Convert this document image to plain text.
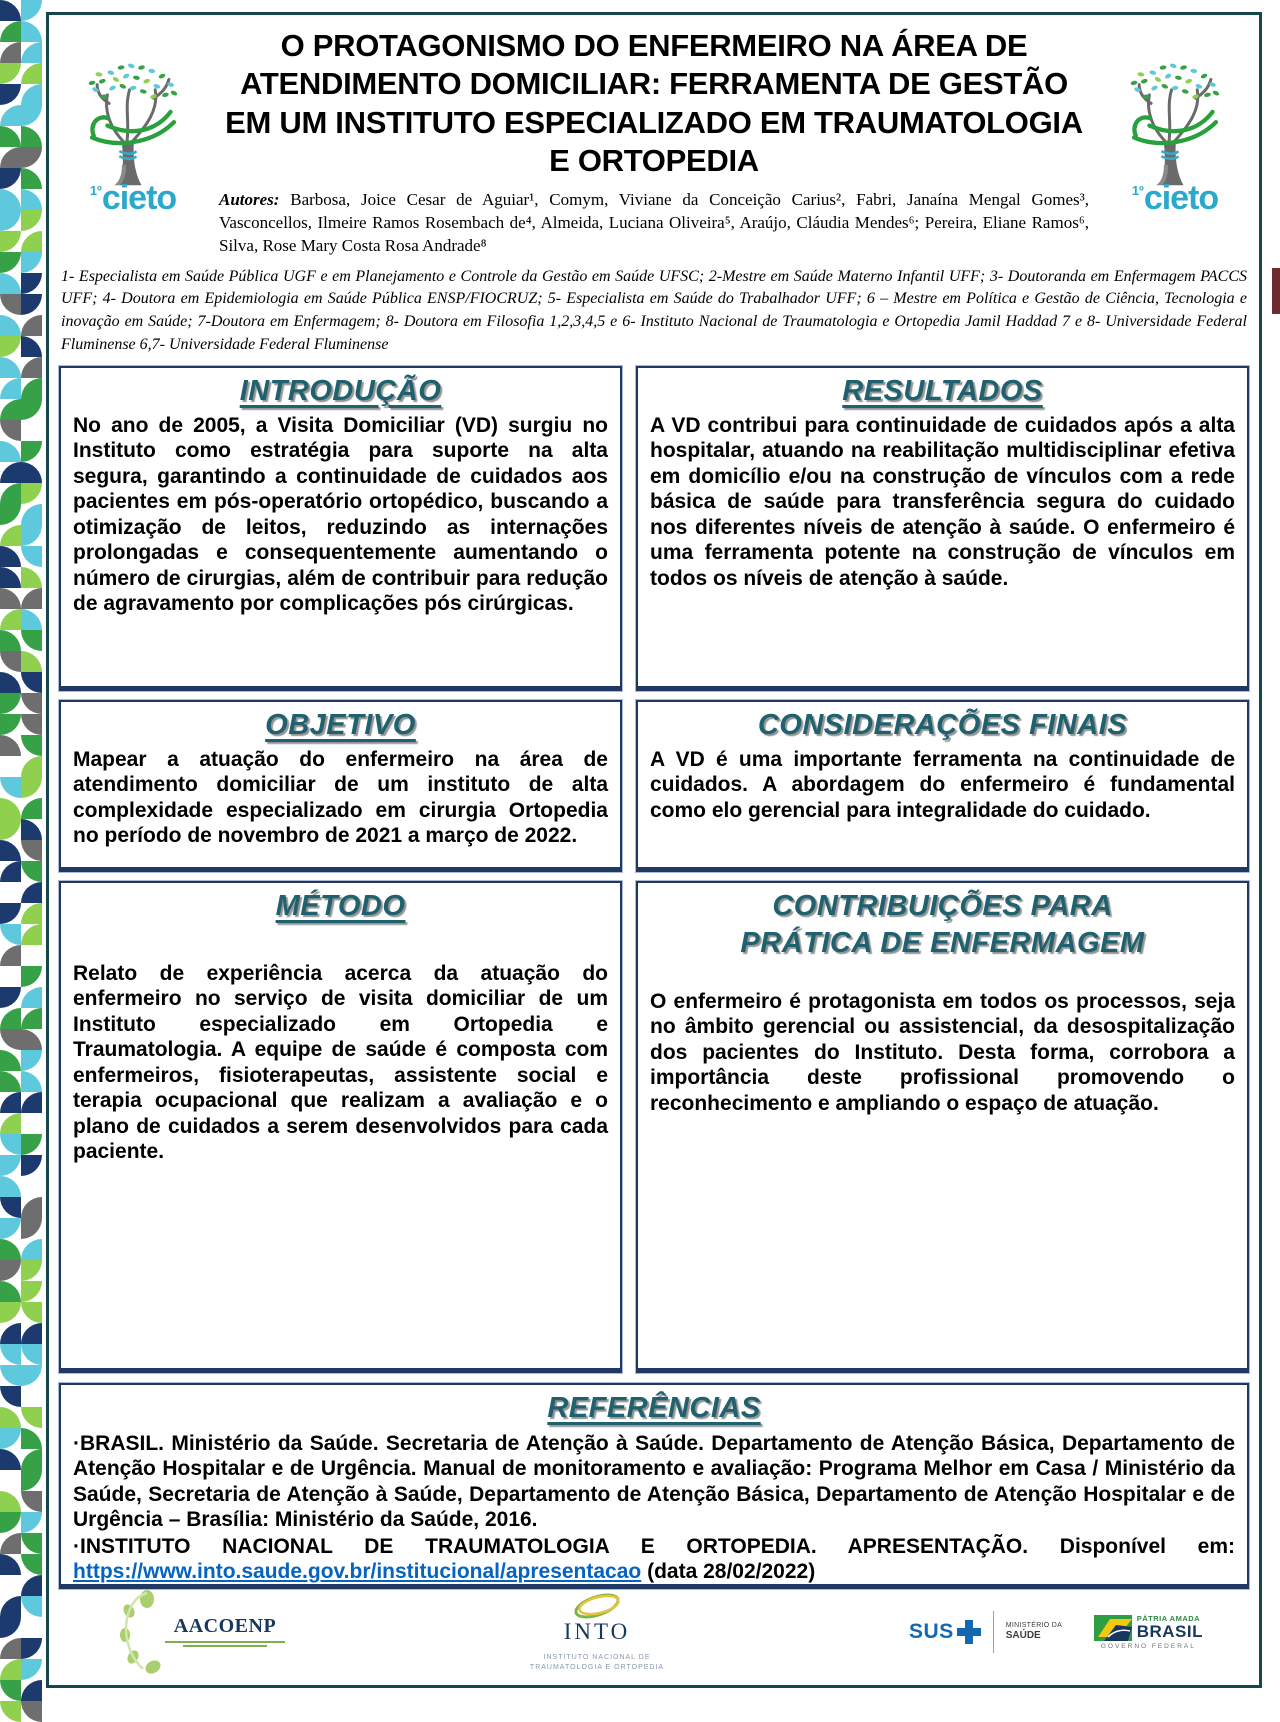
1º cieto
O PROTAGONISMO DO ENFERMEIRO NA ÁREA DE ATENDIMENTO DOMICILIAR: FERRAMENTA DE GESTÃO EM UM INSTITUTO ESPECIALIZADO EM TRAUMATOLOGIA E ORTOPEDIA

Autores: Barbosa, Joice Cesar de Aguiar¹, Comym, Viviane da Conceição Carius², Fabri, Janaína Mengal Gomes³, Vasconcellos, Ilmeire Ramos Rosembach de⁴, Almeida, Luciana Oliveira⁵, Araújo, Cláudia Mendes⁶; Pereira, Eliane Ramos⁶, Silva, Rose Mary Costa Rosa Andrade⁸

1º cieto
1- Especialista em Saúde Pública UGF e em Planejamento e Controle da Gestão em Saúde UFSC; 2-Mestre em Saúde Materno Infantil UFF; 3- Doutoranda em Enfermagem PACCS UFF; 4- Doutora em Epidemiologia em Saúde Pública ENSP/FIOCRUZ; 5- Especialista em Saúde do Trabalhador UFF; 6 – Mestre em Política e Gestão de Ciência, Tecnologia e inovação em Saúde; 7-Doutora em Enfermagem; 8- Doutora em Filosofia 1,2,3,4,5 e 6- Instituto Nacional de Traumatologia e Ortopedia Jamil Haddad 7 e 8- Universidade Federal Fluminense 6,7- Universidade Federal Fluminense
INTRODUÇÃO

No ano de 2005, a Visita Domiciliar (VD) surgiu no Instituto como estratégia para suporte na alta segura, garantindo a continuidade de cuidados aos pacientes em pós-operatório ortopédico, buscando a otimização de leitos, reduzindo as internações prolongadas e consequentemente aumentando o número de cirurgias, além de contribuir para redução de agravamento por complicações pós cirúrgicas.

RESULTADOS

A VD contribui para continuidade de cuidados após a alta hospitalar, atuando na reabilitação multidisciplinar efetiva em domicílio e/ou na construção de vínculos com a rede básica de saúde para transferência segura do cuidado nos diferentes níveis de atenção à saúde. O enfermeiro é uma ferramenta potente na construção de vínculos em todos os níveis de atenção à saúde.

OBJETIVO

Mapear a atuação do enfermeiro na área de atendimento domiciliar de um instituto de alta complexidade especializado em cirurgia Ortopedia no período de novembro de 2021 a março de 2022.

CONSIDERAÇÕES FINAIS

A VD é uma importante ferramenta na continuidade de cuidados. A abordagem do enfermeiro é fundamental como elo gerencial para integralidade do cuidado.

MÉTODO

Relato de experiência acerca da atuação do enfermeiro no serviço de visita domiciliar de um Instituto especializado em Ortopedia e Traumatologia. A equipe de saúde é composta com enfermeiros, fisioterapeutas, assistente social e terapia ocupacional que realizam a avaliação e o plano de cuidados a serem desenvolvidos para cada paciente.

CONTRIBUIÇÕES PARA
PRÁTICA DE ENFERMAGEM

O enfermeiro é protagonista em todos os processos, seja no âmbito gerencial ou assistencial, da desospitalização dos pacientes do Instituto. Desta forma, corrobora a importância deste profissional promovendo o reconhecimento e ampliando o espaço de atuação.

REFERÊNCIAS

·BRASIL. Ministério da Saúde. Secretaria de Atenção à Saúde. Departamento de Atenção Básica, Departamento de Atenção Hospitalar e de Urgência. Manual de monitoramento e avaliação: Programa Melhor em Casa / Ministério da Saúde, Secretaria de Atenção à Saúde, Departamento de Atenção Básica, Departamento de Atenção Hospitalar e de Urgência – Brasília: Ministério da Saúde, 2016.

·INSTITUTO NACIONAL DE TRAUMATOLOGIA E ORTOPEDIA. APRESENTAÇÃO. Disponível em: https://www.into.saude.gov.br/institucional/apresentacao (data 28/02/2022)

AACOENP	INTO
INSTITUTO NACIONAL DE
TRAUMATOLOGIA E ORTOPEDIA
SUS	MINISTÉRIO DA
SAÚDE
PÁTRIA AMADA
BRASIL
GOVERNO FEDERAL
